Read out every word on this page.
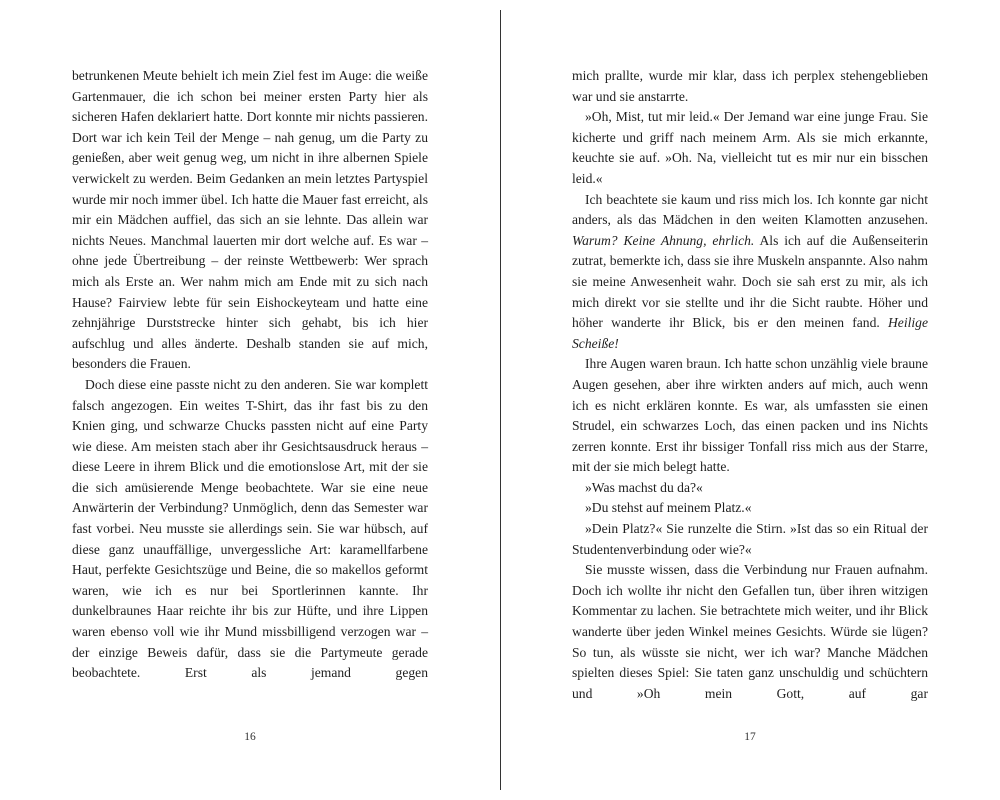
betrunkenen Meute behielt ich mein Ziel fest im Auge: die weiße Gartenmauer, die ich schon bei meiner ersten Party hier als sicheren Hafen deklariert hatte. Dort konnte mir nichts passieren. Dort war ich kein Teil der Menge – nah genug, um die Party zu genießen, aber weit genug weg, um nicht in ihre albernen Spiele verwickelt zu werden. Beim Gedanken an mein letztes Partyspiel wurde mir noch immer übel. Ich hatte die Mauer fast erreicht, als mir ein Mädchen auffiel, das sich an sie lehnte. Das allein war nichts Neues. Manchmal lauerten mir dort welche auf. Es war – ohne jede Übertreibung – der reinste Wettbewerb: Wer sprach mich als Erste an. Wer nahm mich am Ende mit zu sich nach Hause? Fairview lebte für sein Eishockeyteam und hatte eine zehnjährige Durststrecke hinter sich gehabt, bis ich hier aufschlug und alles änderte. Deshalb standen sie auf mich, besonders die Frauen.

Doch diese eine passte nicht zu den anderen. Sie war komplett falsch angezogen. Ein weites T-Shirt, das ihr fast bis zu den Knien ging, und schwarze Chucks passten nicht auf eine Party wie diese. Am meisten stach aber ihr Gesichtsausdruck heraus – diese Leere in ihrem Blick und die emotionslose Art, mit der sie die sich amüsierende Menge beobachtete. War sie eine neue Anwärterin der Verbindung? Unmöglich, denn das Semester war fast vorbei. Neu musste sie allerdings sein. Sie war hübsch, auf diese ganz unauffällige, unvergessliche Art: karamellfarbene Haut, perfekte Gesichtszüge und Beine, die so makellos geformt waren, wie ich es nur bei Sportlerinnen kannte. Ihr dunkelbraunes Haar reichte ihr bis zur Hüfte, und ihre Lippen waren ebenso voll wie ihr Mund missbilligend verzogen war – der einzige Beweis dafür, dass sie die Partymeute gerade beobachtete. Erst als jemand gegen

16

mich prallte, wurde mir klar, dass ich perplex stehengeblieben war und sie anstarrte.

»Oh, Mist, tut mir leid.« Der Jemand war eine junge Frau. Sie kicherte und griff nach meinem Arm. Als sie mich erkannte, keuchte sie auf. »Oh. Na, vielleicht tut es mir nur ein bisschen leid.«

Ich beachtete sie kaum und riss mich los. Ich konnte gar nicht anders, als das Mädchen in den weiten Klamotten anzusehen. Warum? Keine Ahnung, ehrlich. Als ich auf die Außenseiterin zutrat, bemerkte ich, dass sie ihre Muskeln anspannte. Also nahm sie meine Anwesenheit wahr. Doch sie sah erst zu mir, als ich mich direkt vor sie stellte und ihr die Sicht raubte. Höher und höher wanderte ihr Blick, bis er den meinen fand. Heilige Scheiße!

Ihre Augen waren braun. Ich hatte schon unzählig viele braune Augen gesehen, aber ihre wirkten anders auf mich, auch wenn ich es nicht erklären konnte. Es war, als umfassten sie einen Strudel, ein schwarzes Loch, das einen packen und ins Nichts zerren konnte. Erst ihr bissiger Tonfall riss mich aus der Starre, mit der sie mich belegt hatte.

»Was machst du da?«

»Du stehst auf meinem Platz.«

»Dein Platz?« Sie runzelte die Stirn. »Ist das so ein Ritual der Studentenverbindung oder wie?«

Sie musste wissen, dass die Verbindung nur Frauen aufnahm. Doch ich wollte ihr nicht den Gefallen tun, über ihren witzigen Kommentar zu lachen. Sie betrachtete mich weiter, und ihr Blick wanderte über jeden Winkel meines Gesichts. Würde sie lügen? So tun, als wüsste sie nicht, wer ich war? Manche Mädchen spielten dieses Spiel: Sie taten ganz unschuldig und schüchtern und »Oh mein Gott, auf gar

17
